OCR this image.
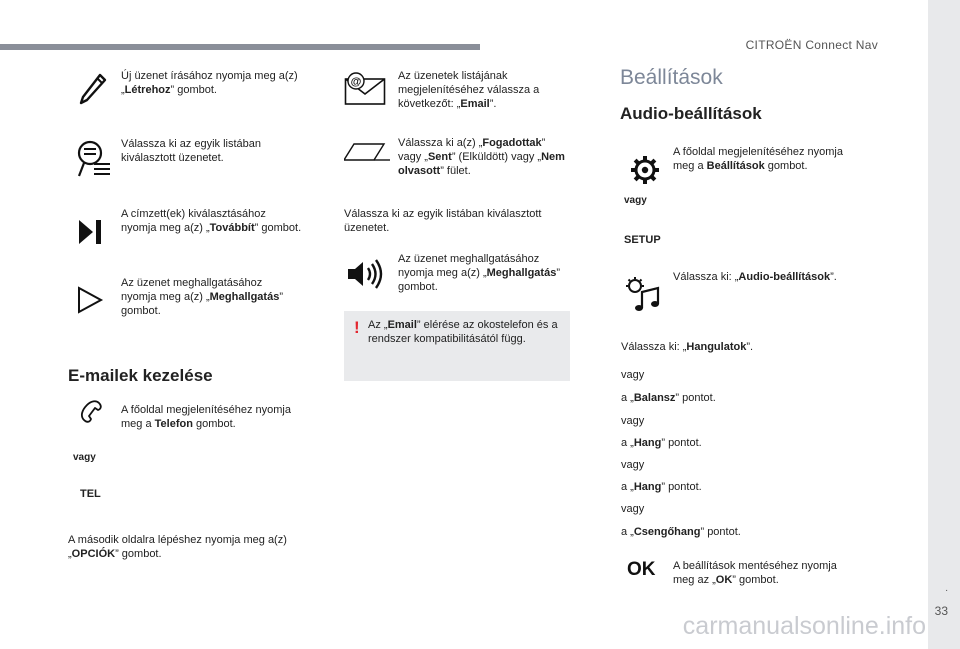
CITROËN Connect Nav
.
33
carmanualsonline.info
Új üzenet írásához nyomja meg a(z)
„Létrehoz” gombot.
Válassza ki az egyik listában
kiválasztott üzenetet.
A címzett(ek) kiválasztásához
nyomja meg a(z) „Továbbít” gombot.
Az üzenet meghallgatásához
nyomja meg a(z) „Meghallgatás”
gombot.
E-mailek kezelése
A főoldal megjelenítéséhez nyomja
meg a Telefon gombot.
vagy
TEL
A második oldalra lépéshez nyomja meg a(z)
„OPCIÓK” gombot.
@	Az üzenetek listájának
megjelenítéséhez válassza a
következőt: „Email”.
Válassza ki a(z) „Fogadottak”
vagy „Sent” (Elküldött) vagy „Nem
olvasott” fület.
Válassza ki az egyik listában kiválasztott
üzenetet.
Az üzenet meghallgatásához
nyomja meg a(z) „Meghallgatás”
gombot.
! Az „Email” elérése az okostelefon és a
rendszer kompatibilitásától függ.
Beállítások
Audio-beállítások
A főoldal megjelenítéséhez nyomja
meg a Beállítások gombot.
vagy
SETUP
Válassza ki: „Audio-beállítások”.
Válassza ki: „Hangulatok”.
vagy
a „Balansz” pontot.
vagy
a „Hang” pontot.
vagy
a „Hang” pontot.
vagy
a „Csengőhang” pontot.
OK A beállítások mentéséhez nyomja
meg az „OK” gombot.
